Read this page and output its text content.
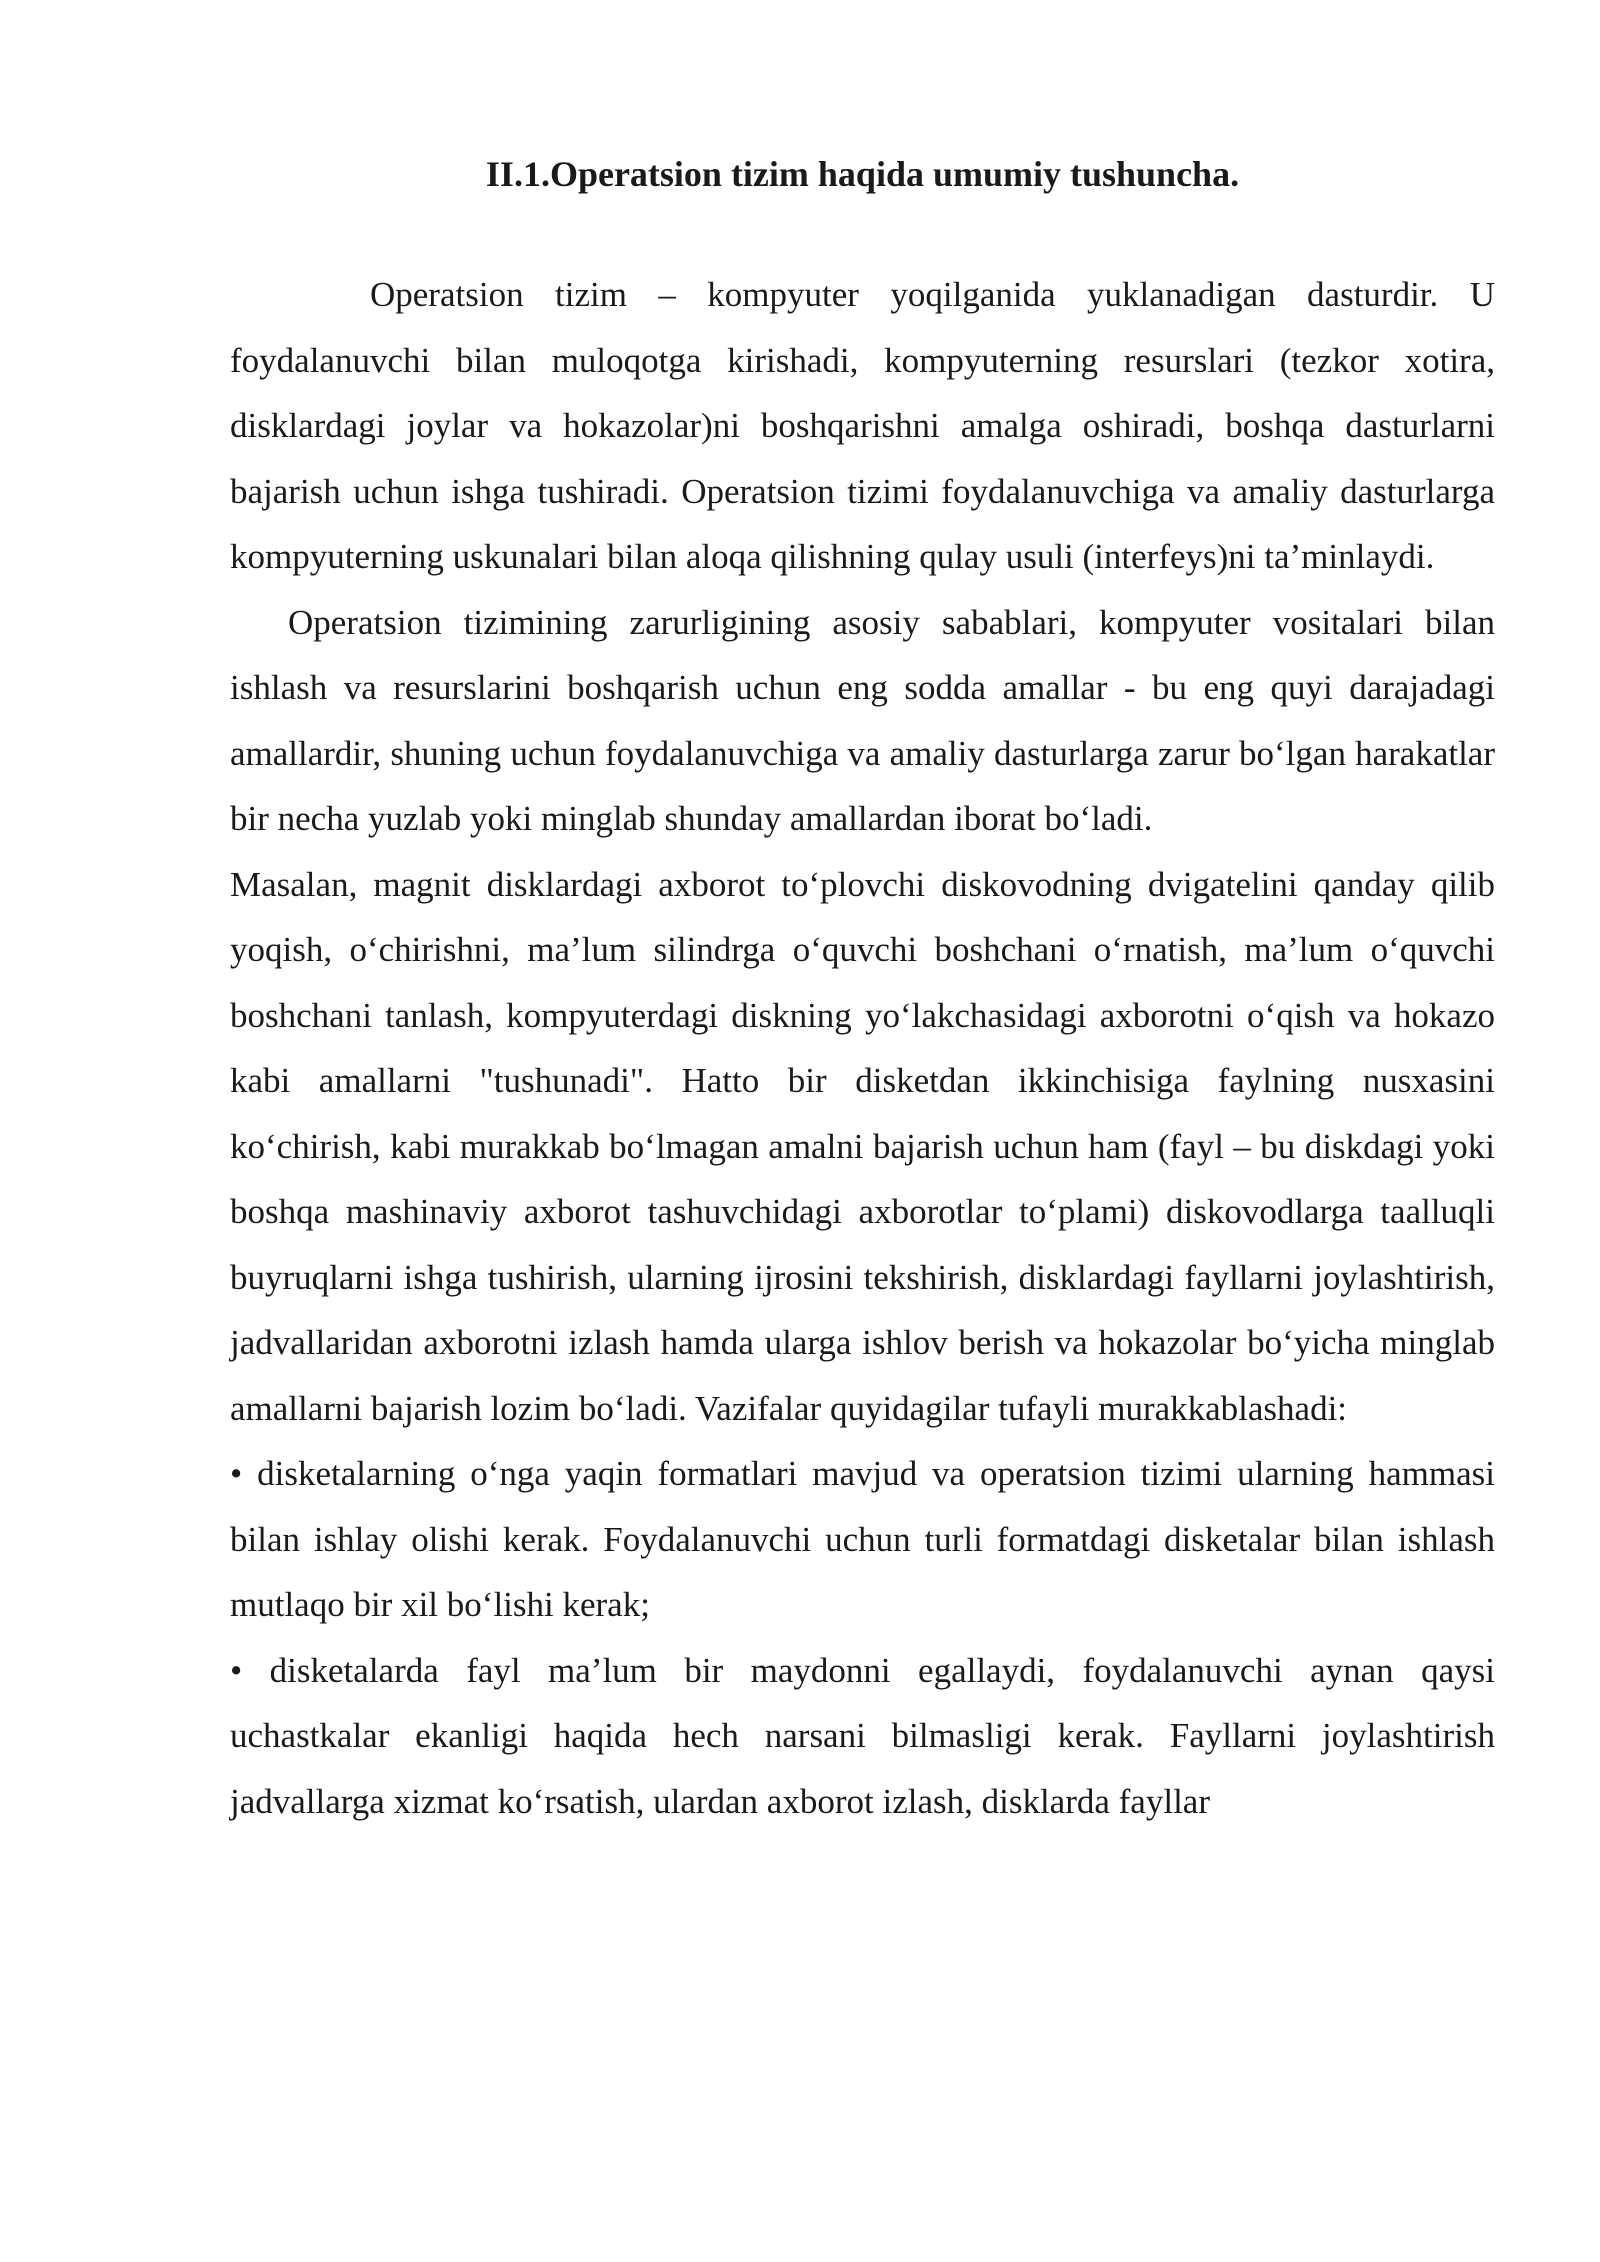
II.1.Operatsion tizim haqida umumiy tushuncha.

Operatsion tizim – kompyuter yoqilganida yuklanadigan dasturdir. U foydalanuvchi bilan muloqotga kirishadi, kompyuterning resurslari (tezkor xotira, disklardagi joylar va hokazolar)ni boshqarishni amalga oshiradi, boshqa dasturlarni bajarish uchun ishga tushiradi. Operatsion tizimi foydalanuvchiga va amaliy dasturlarga kompyuterning uskunalari bilan aloqa qilishning qulay usuli (interfeys)ni ta’minlaydi.

Operatsion tizimining zarurligining asosiy sabablari, kompyuter vositalari bilan ishlash va resurslarini boshqarish uchun eng sodda amallar - bu eng quyi darajadagi amallardir, shuning uchun foydalanuvchiga va amaliy dasturlarga zarur bo‘lgan harakatlar bir necha yuzlab yoki minglab shunday amallardan iborat bo‘ladi.

Masalan, magnit disklardagi axborot to‘plovchi diskovodning dvigatelini qanday qilib yoqish, o‘chirishni, ma’lum silindrga o‘quvchi boshchani o‘rnatish, ma’lum o‘quvchi boshchani tanlash, kompyuterdagi diskning yo‘lakchasidagi axborotni o‘qish va hokazo kabi amallarni "tushunadi". Hatto bir disketdan ikkinchisiga faylning nusxasini ko‘chirish, kabi murakkab bo‘lmagan amalni bajarish uchun ham (fayl – bu diskdagi yoki boshqa mashinaviy axborot tashuvchidagi axborotlar to‘plami) diskovodlarga taalluqli buyruqlarni ishga tushirish, ularning ijrosini tekshirish, disklardagi fayllarni joylashtirish, jadvallaridan axborotni izlash hamda ularga ishlov berish va hokazolar bo‘yicha minglab amallarni bajarish lozim bo‘ladi. Vazifalar quyidagilar tufayli murakkablashadi:

• disketalarning o‘nga yaqin formatlari mavjud va operatsion tizimi ularning hammasi bilan ishlay olishi kerak. Foydalanuvchi uchun turli formatdagi disketalar bilan ishlash mutlaqo bir xil bo‘lishi kerak;

• disketalarda fayl ma’lum bir maydonni egallaydi, foydalanuvchi aynan qaysi uchastkalar ekanligi haqida hech narsani bilmasligi kerak. Fayllarni joylashtirish jadvallarga xizmat ko‘rsatish, ulardan axborot izlash, disklarda fayllar
